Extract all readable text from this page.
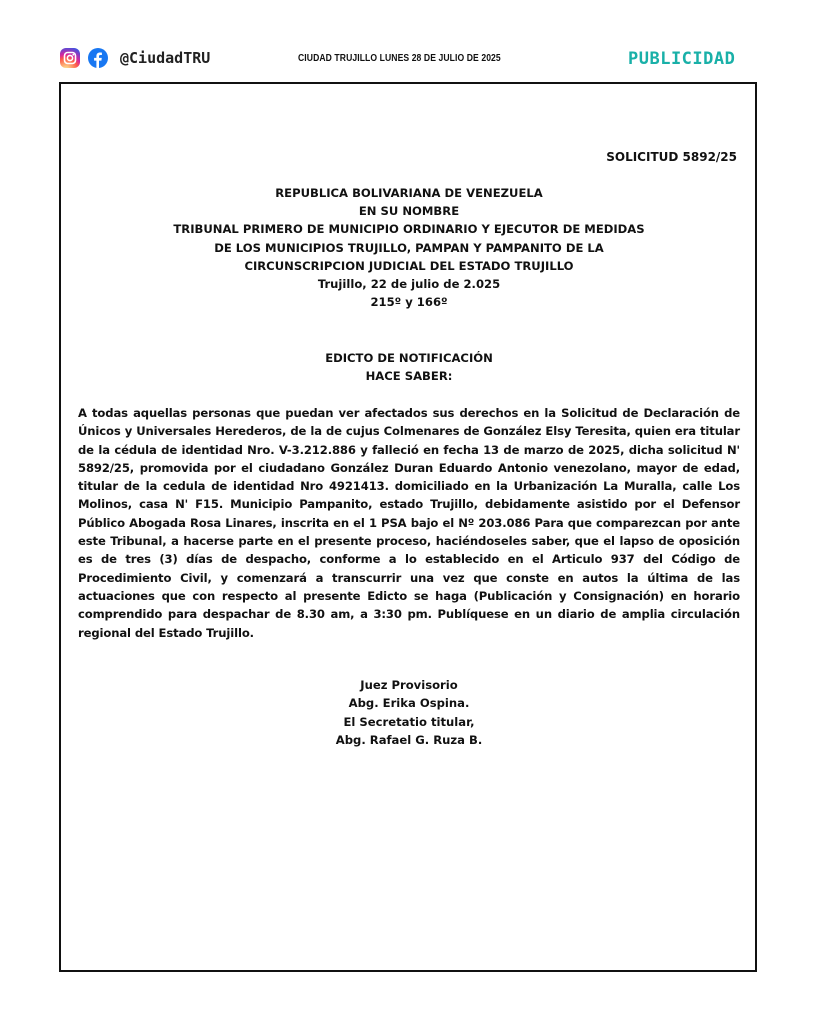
@CiudadTRU	CIUDAD TRUJILLO LUNES 28 DE JULIO DE 2025	PUBLICIDAD
SOLICITUD 5892/25
REPUBLICA BOLIVARIANA DE VENEZUELA
EN SU NOMBRE
TRIBUNAL PRIMERO DE MUNICIPIO ORDINARIO Y EJECUTOR DE MEDIDAS
DE LOS MUNICIPIOS TRUJILLO, PAMPAN Y PAMPANITO DE LA
CIRCUNSCRIPCION JUDICIAL DEL ESTADO TRUJILLO
Trujillo, 22 de julio de 2.025
215º y 166º
EDICTO DE NOTIFICACIÓN
HACE SABER:
A todas aquellas personas que puedan ver afectados sus derechos en la Solicitud de Declaración de Únicos y Universales Herederos, de la de cujus Colmenares de González Elsy Teresita, quien era titular de la cédula de identidad Nro. V-3.212.886 y falleció en fecha 13 de marzo de 2025, dicha solicitud N' 5892/25, promovida por el ciudadano González Duran Eduardo Antonio venezolano, mayor de edad, titular de la cedula de identidad Nro 4921413. domiciliado en la Urbanización La Muralla, calle Los Molinos, casa N' F15. Municipio Pampanito, estado Trujillo, debidamente asistido por el Defensor Público Abogada Rosa Linares, inscrita en el 1 PSA bajo el Nº 203.086 Para que comparezcan por ante este Tribunal, a hacerse parte en el presente proceso, haciéndoseles saber, que el lapso de oposición es de tres (3) días de despacho, conforme a lo establecido en el Articulo 937 del Código de Procedimiento Civil, y comenzará a transcurrir una vez que conste en autos la última de las actuaciones que con respecto al presente Edicto se haga (Publicación y Consignación) en horario comprendido para despachar de 8.30 am, a 3:30 pm. Publíquese en un diario de amplia circulación regional del Estado Trujillo.
Juez Provisorio
Abg. Erika Ospina.
El Secretatio titular,
Abg. Rafael G. Ruza B.
